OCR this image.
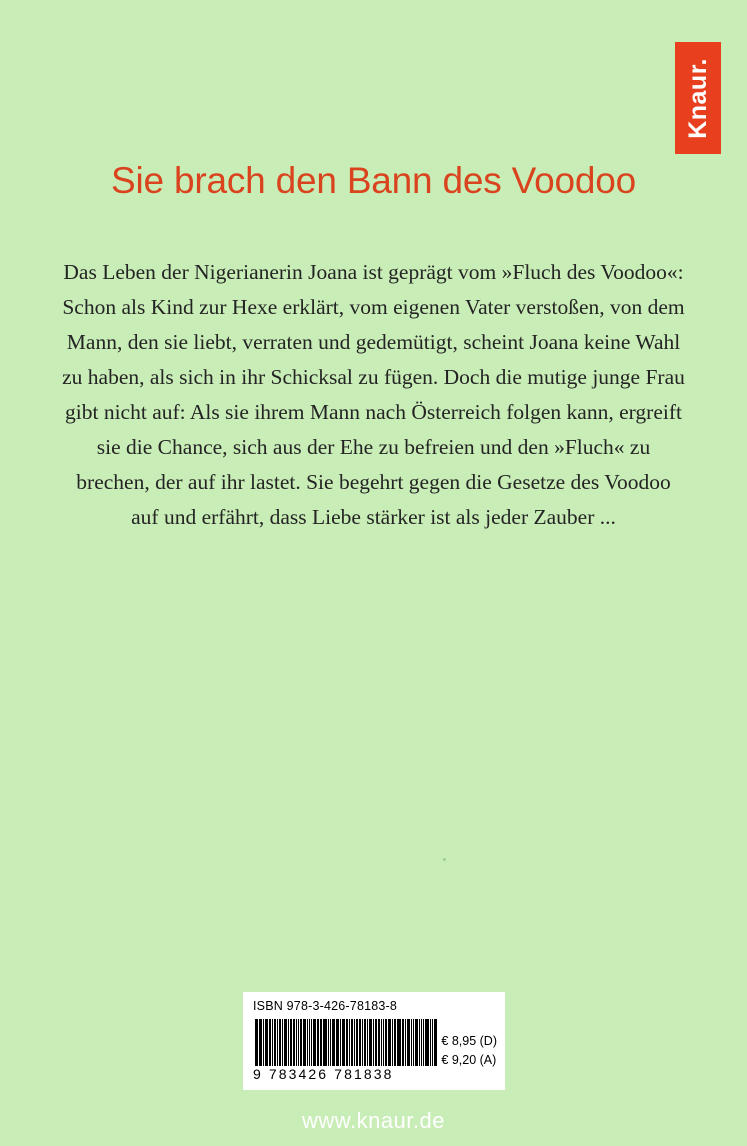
Knaur.
Sie brach den Bann des Voodoo

Das Leben der Nigerianerin Joana ist geprägt vom »Fluch des Voodoo«: Schon als Kind zur Hexe erklärt, vom eigenen Vater verstoßen, von dem Mann, den sie liebt, verraten und gedemütigt, scheint Joana keine Wahl zu haben, als sich in ihr Schicksal zu fügen. Doch die mutige junge Frau gibt nicht auf: Als sie ihrem Mann nach Österreich folgen kann, ergreift sie die Chance, sich aus der Ehe zu befreien und den »Fluch« zu brechen, der auf ihr lastet. Sie begehrt gegen die Gesetze des Voodoo auf und erfährt, dass Liebe stärker ist als jeder Zauber ...

ISBN 978-3-426-78183-8
9 783426 781838
€ 8,95 (D)
€ 9,20 (A)
www.knaur.de
